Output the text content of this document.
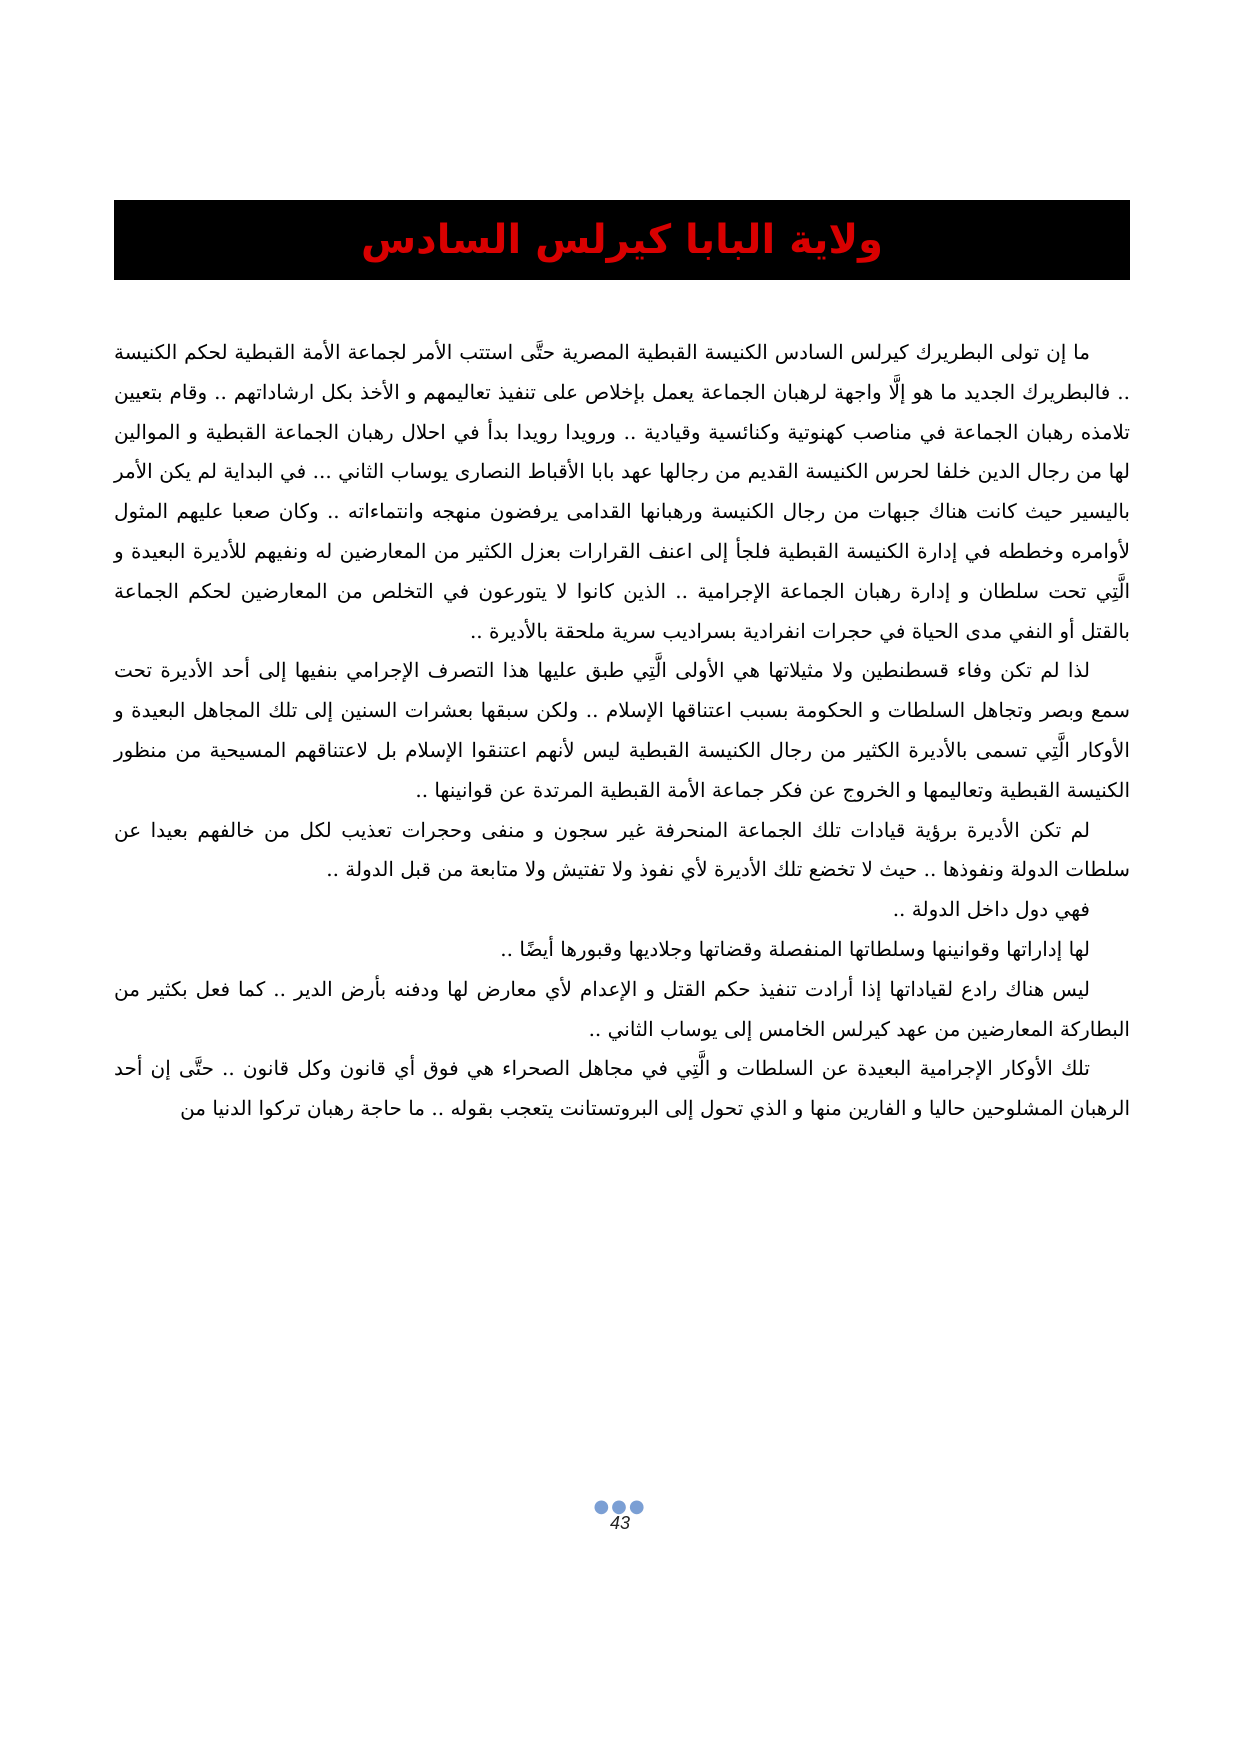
ولاية البابا كيرلس السادس

ما إن تولى البطريرك كيرلس السادس الكنيسة القبطية المصرية حتَّى استتب الأمر لجماعة الأمة القبطية لحكم الكنيسة .. فالبطريرك الجديد ما هو إلَّا واجهة لرهبان الجماعة يعمل بإخلاص على تنفيذ تعاليمهم و الأخذ بكل ارشاداتهم .. وقام بتعيين تلامذه رهبان الجماعة في مناصب كهنوتية وكنائسية وقيادية .. ورويدا رويدا بدأ في احلال رهبان الجماعة القبطية و الموالين لها من رجال الدين خلفا لحرس الكنيسة القديم من رجالها عهد بابا الأقباط النصارى يوساب الثاني ... في البداية لم يكن الأمر باليسير حيث كانت هناك جبهات من رجال الكنيسة ورهبانها القدامى يرفضون منهجه وانتماءاته .. وكان صعبا عليهم المثول لأوامره وخططه في إدارة الكنيسة القبطية فلجأ إلى اعنف القرارات بعزل الكثير من المعارضين له ونفيهم للأديرة البعيدة و الَّتِي تحت سلطان و إدارة رهبان الجماعة الإجرامية .. الذين كانوا لا يتورعون في التخلص من المعارضين لحكم الجماعة بالقتل أو النفي مدى الحياة في حجرات انفرادية بسراديب سرية ملحقة بالأديرة ..

لذا لم تكن وفاء قسطنطين ولا مثيلاتها هي الأولى الَّتِي طبق عليها هذا التصرف الإجرامي بنفيها إلى أحد الأديرة تحت سمع وبصر وتجاهل السلطات و الحكومة بسبب اعتناقها الإسلام .. ولكن سبقها بعشرات السنين إلى تلك المجاهل البعيدة و الأوكار الَّتِي تسمى بالأديرة الكثير من رجال الكنيسة القبطية ليس لأنهم اعتنقوا الإسلام بل لاعتناقهم المسيحية من منظور الكنيسة القبطية وتعاليمها و الخروج عن فكر جماعة الأمة القبطية المرتدة عن قوانينها ..

لم تكن الأديرة برؤية قيادات تلك الجماعة المنحرفة غير سجون و منفى وحجرات تعذيب لكل من خالفهم بعيدا عن سلطات الدولة ونفوذها .. حيث لا تخضع تلك الأديرة لأي نفوذ ولا تفتيش ولا متابعة من قبل الدولة ..

فهي دول داخل الدولة ..

لها إداراتها وقوانينها وسلطاتها المنفصلة وقضاتها وجلاديها وقبورها أيضًا ..

ليس هناك رادع لقياداتها إذا أرادت تنفيذ حكم القتل و الإعدام لأي معارض لها ودفنه بأرض الدير .. كما فعل بكثير من البطاركة المعارضين من عهد كيرلس الخامس إلى يوساب الثاني ..

تلك الأوكار الإجرامية البعيدة عن السلطات و الَّتِي في مجاهل الصحراء هي فوق أي قانون وكل قانون .. حتَّى إن أحد الرهبان المشلوحين حاليا و الفارين منها و الذي تحول إلى البروتستانت يتعجب بقوله .. ما حاجة رهبان تركوا الدنيا من

●●●
43
